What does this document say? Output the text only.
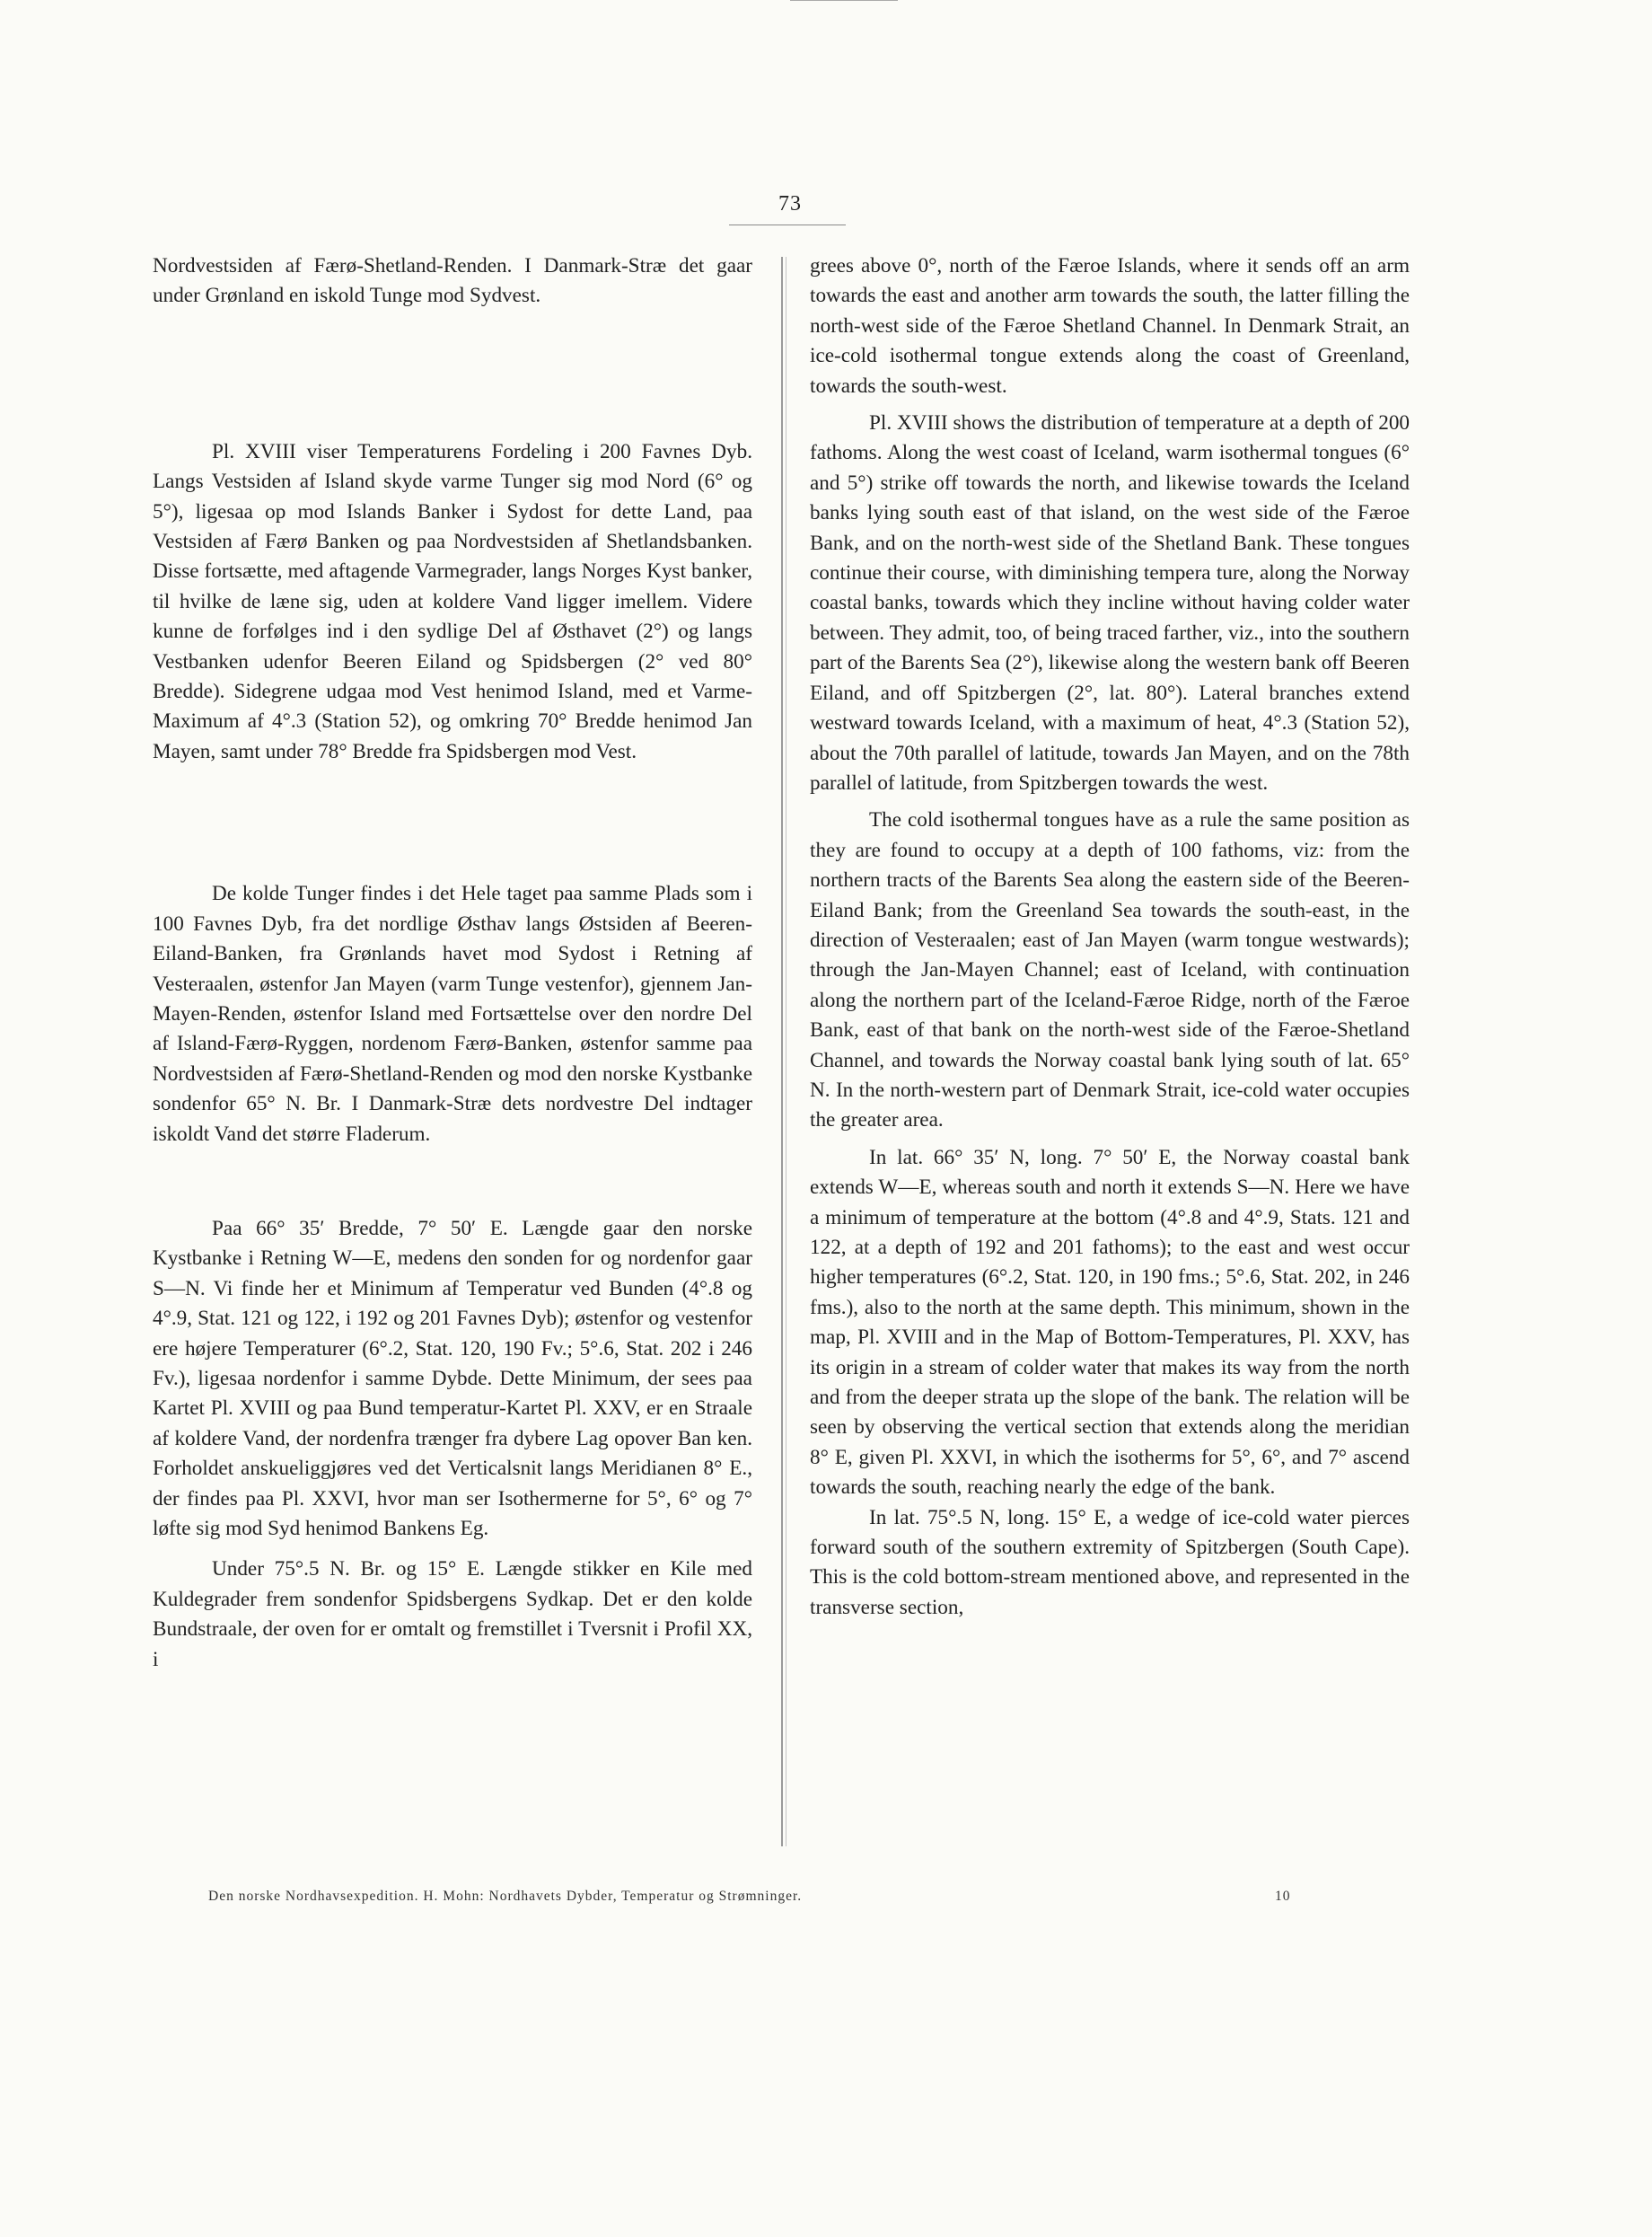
73

Nordvestsiden af Færø-Shetland-Renden. I Danmark-Stræ det gaar under Grønland en iskold Tunge mod Sydvest.

Pl. XVIII viser Temperaturens Fordeling i 200 Favnes Dyb. Langs Vestsiden af Island skyde varme Tunger sig mod Nord (6° og 5°), ligesaa op mod Islands Banker i Sydost for dette Land, paa Vestsiden af Færø Banken og paa Nordvestsiden af Shetlandsbanken. Disse fortsætte, med aftagende Varmegrader, langs Norges Kyst banker, til hvilke de læne sig, uden at koldere Vand ligger imellem. Videre kunne de forfølges ind i den sydlige Del af Østhavet (2°) og langs Vestbanken udenfor Beeren Eiland og Spidsbergen (2° ved 80° Bredde). Sidegrene udgaa mod Vest henimod Island, med et Varme-Maximum af 4°.3 (Station 52), og omkring 70° Bredde henimod Jan Mayen, samt under 78° Bredde fra Spidsbergen mod Vest.

De kolde Tunger findes i det Hele taget paa samme Plads som i 100 Favnes Dyb, fra det nordlige Østhav langs Østsiden af Beeren-Eiland-Banken, fra Grønlands havet mod Sydost i Retning af Vesteraalen, østenfor Jan Mayen (varm Tunge vestenfor), gjennem Jan-Mayen-Renden, østenfor Island med Fortsættelse over den nordre Del af Island-Færø-Ryggen, nordenom Færø-Banken, østenfor samme paa Nordvestsiden af Færø-Shetland-Renden og mod den norske Kystbanke sondenfor 65° N. Br. I Danmark-Stræ dets nordvestre Del indtager iskoldt Vand det større Fladerum.

Paa 66° 35′ Bredde, 7° 50′ E. Længde gaar den norske Kystbanke i Retning W—E, medens den sonden for og nordenfor gaar S—N. Vi finde her et Minimum af Temperatur ved Bunden (4°.8 og 4°.9, Stat. 121 og 122, i 192 og 201 Favnes Dyb); østenfor og vestenfor ere højere Temperaturer (6°.2, Stat. 120, 190 Fv.; 5°.6, Stat. 202 i 246 Fv.), ligesaa nordenfor i samme Dybde. Dette Minimum, der sees paa Kartet Pl. XVIII og paa Bund temperatur-Kartet Pl. XXV, er en Straale af koldere Vand, der nordenfra trænger fra dybere Lag opover Ban ken. Forholdet anskueliggjøres ved det Verticalsnit langs Meridianen 8° E., der findes paa Pl. XXVI, hvor man ser Isothermerne for 5°, 6° og 7° løfte sig mod Syd henimod Bankens Eg.

Under 75°.5 N. Br. og 15° E. Længde stikker en Kile med Kuldegrader frem sondenfor Spidsbergens Sydkap. Det er den kolde Bundstraale, der oven for er omtalt og fremstillet i Tversnit i Profil XX, i

grees above 0°, north of the Færoe Islands, where it sends off an arm towards the east and another arm towards the south, the latter filling the north-west side of the Færoe Shetland Channel. In Denmark Strait, an ice-cold isothermal tongue extends along the coast of Greenland, towards the south-west.

Pl. XVIII shows the distribution of temperature at a depth of 200 fathoms. Along the west coast of Iceland, warm isothermal tongues (6° and 5°) strike off towards the north, and likewise towards the Iceland banks lying south east of that island, on the west side of the Færoe Bank, and on the north-west side of the Shetland Bank. These tongues continue their course, with diminishing tempera ture, along the Norway coastal banks, towards which they incline without having colder water between. They admit, too, of being traced farther, viz., into the southern part of the Barents Sea (2°), likewise along the western bank off Beeren Eiland, and off Spitzbergen (2°, lat. 80°). Lateral branches extend westward towards Iceland, with a maximum of heat, 4°.3 (Station 52), about the 70th parallel of latitude, towards Jan Mayen, and on the 78th parallel of latitude, from Spitzbergen towards the west.

The cold isothermal tongues have as a rule the same position as they are found to occupy at a depth of 100 fathoms, viz: from the northern tracts of the Barents Sea along the eastern side of the Beeren-Eiland Bank; from the Greenland Sea towards the south-east, in the direction of Vesteraalen; east of Jan Mayen (warm tongue westwards); through the Jan-Mayen Channel; east of Iceland, with continuation along the northern part of the Iceland-Færoe Ridge, north of the Færoe Bank, east of that bank on the north-west side of the Færoe-Shetland Channel, and towards the Norway coastal bank lying south of lat. 65° N. In the north-western part of Denmark Strait, ice-cold water occupies the greater area.

In lat. 66° 35′ N, long. 7° 50′ E, the Norway coastal bank extends W—E, whereas south and north it extends S—N. Here we have a minimum of temperature at the bottom (4°.8 and 4°.9, Stats. 121 and 122, at a depth of 192 and 201 fathoms); to the east and west occur higher temperatures (6°.2, Stat. 120, in 190 fms.; 5°.6, Stat. 202, in 246 fms.), also to the north at the same depth. This minimum, shown in the map, Pl. XVIII and in the Map of Bottom-Temperatures, Pl. XXV, has its origin in a stream of colder water that makes its way from the north and from the deeper strata up the slope of the bank. The relation will be seen by observing the vertical section that extends along the meridian 8° E, given Pl. XXVI, in which the isotherms for 5°, 6°, and 7° ascend towards the south, reaching nearly the edge of the bank.

In lat. 75°.5 N, long. 15° E, a wedge of ice-cold water pierces forward south of the southern extremity of Spitzbergen (South Cape). This is the cold bottom-stream mentioned above, and represented in the transverse section,

Den norske Nordhavsexpedition. H. Mohn: Nordhavets Dybder, Temperatur og Strømninger.	10
